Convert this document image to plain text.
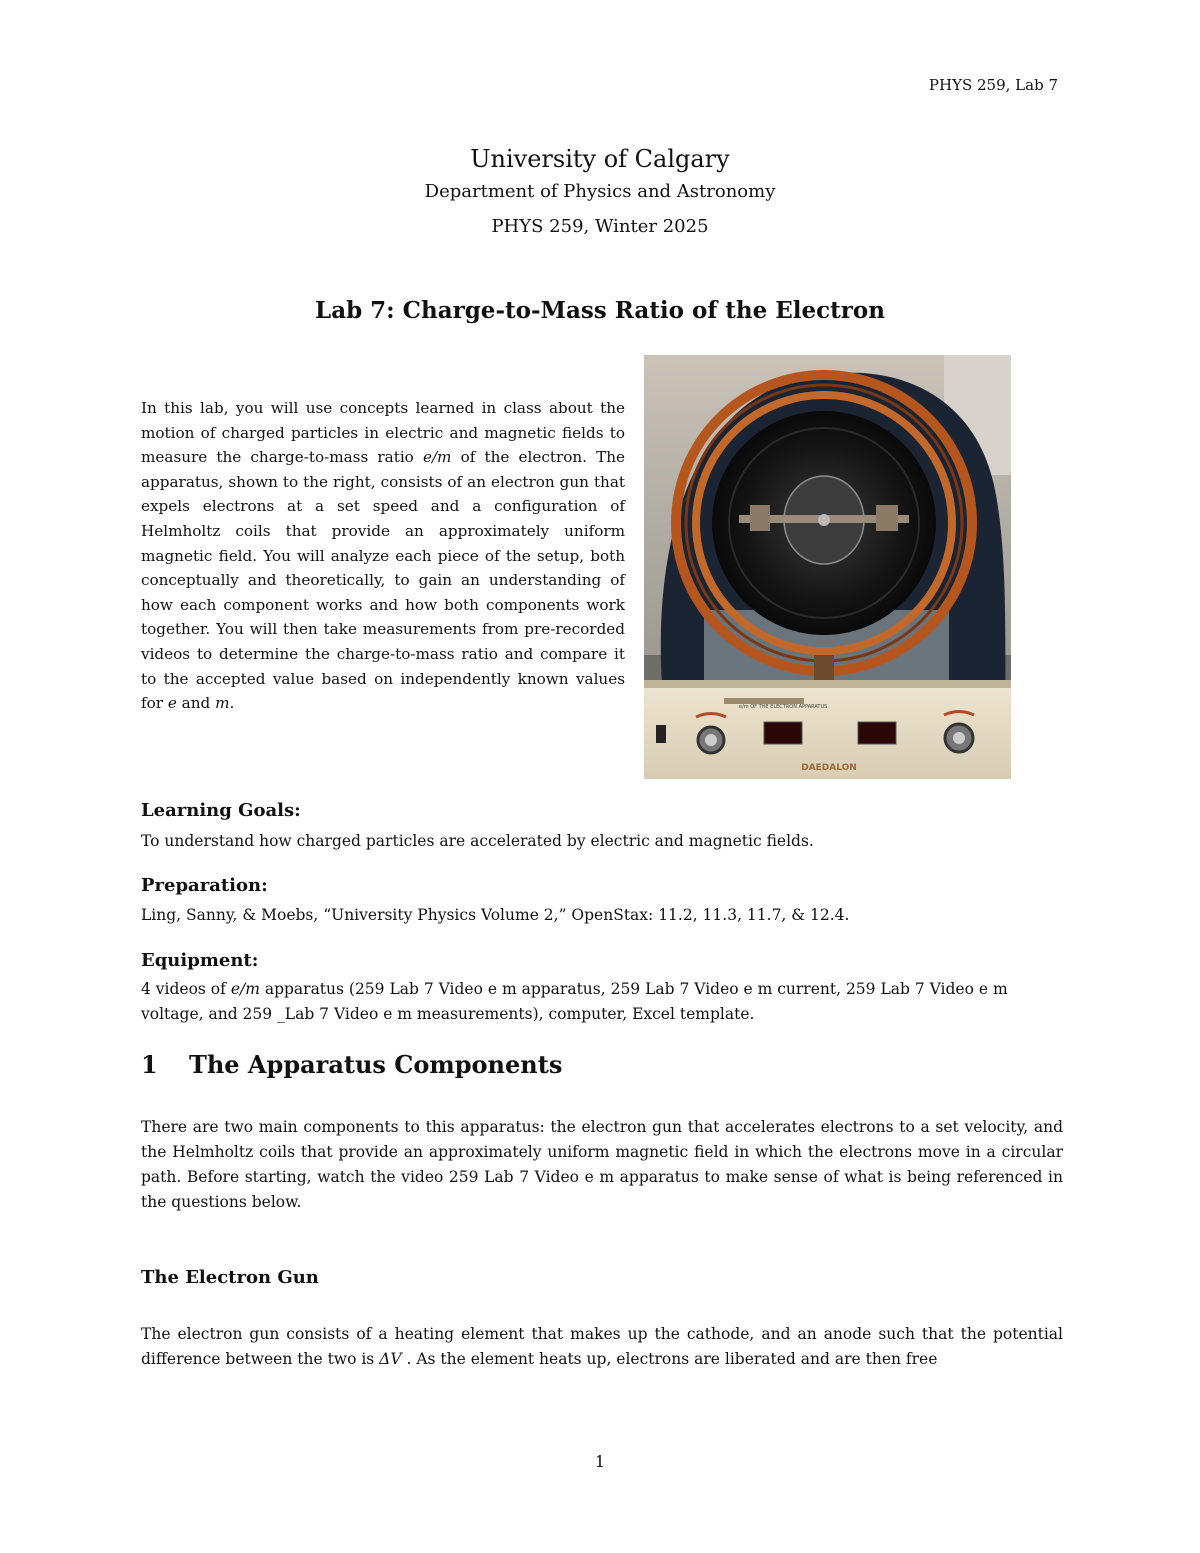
PHYS 259, Lab 7
University of Calgary
Department of Physics and Astronomy
PHYS 259, Winter 2025
Lab 7: Charge-to-Mass Ratio of the Electron
In this lab, you will use concepts learned in class about the motion of charged particles in electric and magnetic fields to measure the charge-to-mass ratio e/m of the electron. The apparatus, shown to the right, consists of an electron gun that expels electrons at a set speed and a configuration of Helmholtz coils that provide an approximately uniform magnetic field. You will analyze each piece of the setup, both conceptually and theoretically, to gain an understanding of how each component works and how both components work together. You will then take measurements from pre-recorded videos to determine the charge-to-mass ratio and compare it to the accepted value based on independently known values for e and m.	e/m OF THE ELECTRON APPARATUS
DAEDALON
Learning Goals:
To understand how charged particles are accelerated by electric and magnetic fields.
Preparation:
Ling, Sanny, & Moebs, “University Physics Volume 2,” OpenStax: 11.2, 11.3, 11.7, & 12.4.
Equipment:
4 videos of e/m apparatus (259 Lab 7 Video e m apparatus, 259 Lab 7 Video e m current, 259 Lab 7 Video e m voltage, and 259 _Lab 7 Video e m measurements), computer, Excel template.
1 The Apparatus Components
There are two main components to this apparatus: the electron gun that accelerates electrons to a set velocity, and the Helmholtz coils that provide an approximately uniform magnetic field in which the electrons move in a circular path. Before starting, watch the video 259 Lab 7 Video e m apparatus to make sense of what is being referenced in the questions below.
The Electron Gun
The electron gun consists of a heating element that makes up the cathode, and an anode such that the potential difference between the two is ΔV . As the element heats up, electrons are liberated and are then free
1
